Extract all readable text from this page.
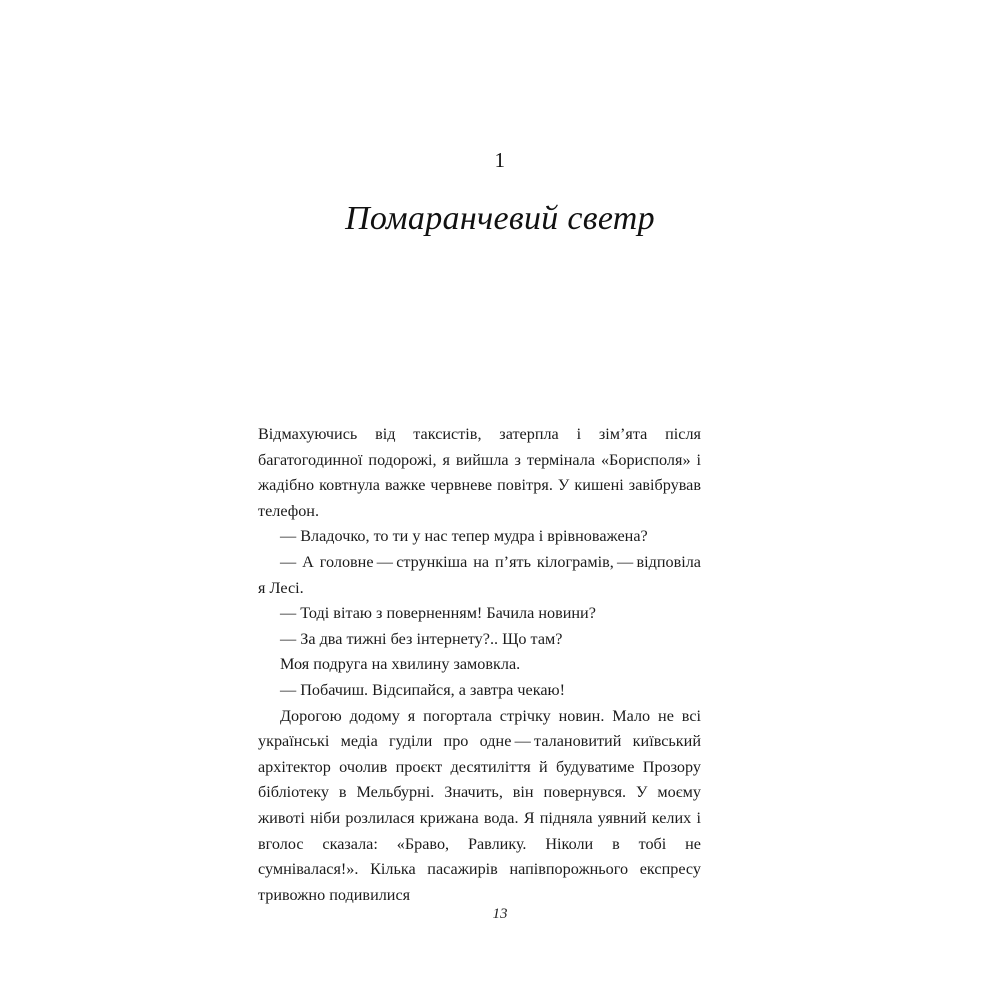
1
Помаранчевий светр

Відмахуючись від таксистів, затерпла і зімʼята після багатогодинної подорожі, я вийшла з термінала «Борисполя» і жадібно ковтнула важке червневе повітря. У кишені завібрував телефон.

— Владочко, то ти у нас тепер мудра і врівноважена?

— А головне — стрункіша на пʼять кілограмів, — відповіла я Лесі.

— Тоді вітаю з поверненням! Бачила новини?

— За два тижні без інтернету?.. Що там?

Моя подруга на хвилину замовкла.

— Побачиш. Відсипайся, а завтра чекаю!

Дорогою додому я погортала стрічку новин. Мало не всі українські медіа гуділи про одне — талановитий київський архітектор очолив проєкт десятиліття й будуватиме Прозору бібліотеку в Мельбурні. Значить, він повернувся. У моєму животі ніби розлилася крижана вода. Я підняла уявний келих і вголос сказала: «Браво, Равлику. Ніколи в тобі не сумнівалася!». Кілька пасажирів напівпорожнього експресу тривожно подивилися

13
